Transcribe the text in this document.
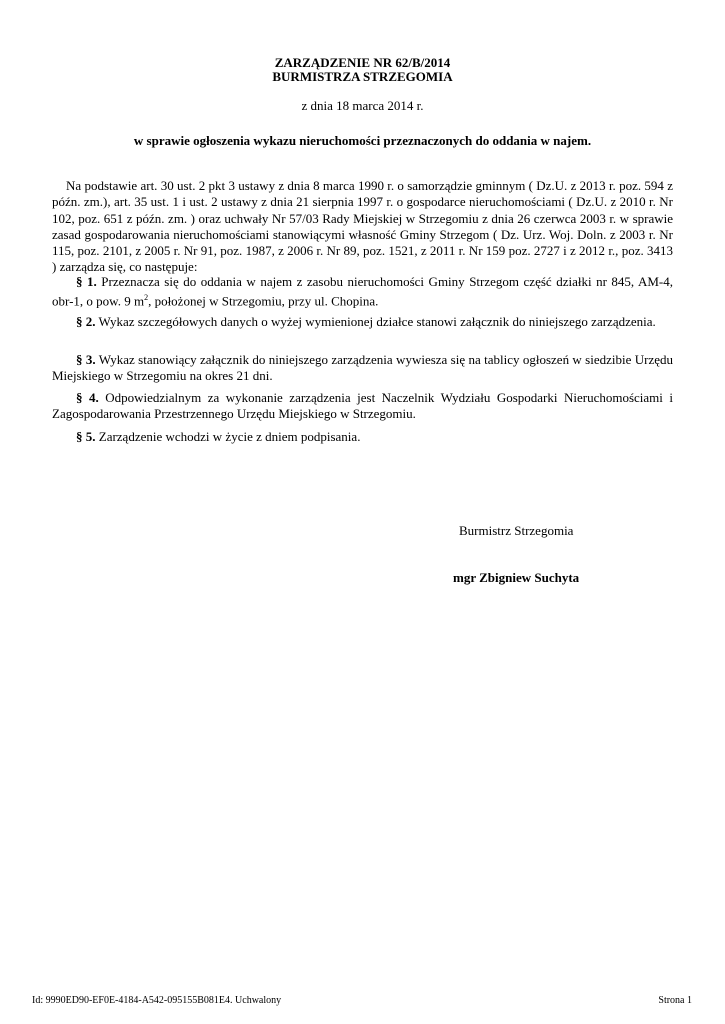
ZARZĄDZENIE NR 62/B/2014
BURMISTRZA STRZEGOMIA
z dnia 18 marca 2014 r.
w sprawie ogłoszenia wykazu nieruchomości przeznaczonych do oddania w najem.
Na podstawie art. 30 ust. 2 pkt 3 ustawy z dnia 8 marca 1990 r. o samorządzie gminnym ( Dz.U. z 2013 r. poz. 594 z późn. zm.), art. 35 ust. 1 i ust. 2 ustawy z dnia 21 sierpnia 1997 r. o gospodarce nieruchomościami ( Dz.U. z 2010 r. Nr 102, poz. 651 z późn. zm. ) oraz uchwały Nr 57/03 Rady Miejskiej w Strzegomiu z dnia 26 czerwca 2003 r. w sprawie zasad gospodarowania nieruchomościami stanowiącymi własność Gminy Strzegom ( Dz. Urz. Woj. Doln. z 2003 r. Nr 115, poz. 2101, z 2005 r. Nr 91, poz. 1987, z 2006 r. Nr 89, poz. 1521, z 2011 r. Nr 159 poz. 2727 i z 2012 r., poz. 3413 ) zarządza się, co następuje:
§ 1. Przeznacza się do oddania w najem z zasobu nieruchomości Gminy Strzegom część działki nr 845, AM-4, obr-1, o pow. 9 $m^2$, położonej w Strzegomiu, przy ul. Chopina.
§ 2. Wykaz szczegółowych danych o wyżej wymienionej działce stanowi załącznik do niniejszego zarządzenia.
§ 3. Wykaz stanowiący załącznik do niniejszego zarządzenia wywiesza się na tablicy ogłoszeń w siedzibie Urzędu Miejskiego w Strzegomiu na okres 21 dni.
§ 4. Odpowiedzialnym za wykonanie zarządzenia jest Naczelnik Wydziału Gospodarki Nieruchomościami i Zagospodarowania Przestrzennego Urzędu Miejskiego w Strzegomiu.
§ 5. Zarządzenie wchodzi w życie z dniem podpisania.
Burmistrz Strzegomia
mgr Zbigniew Suchyta
Id: 9990ED90-EF0E-4184-A542-095155B081E4. Uchwalony	Strona 1
